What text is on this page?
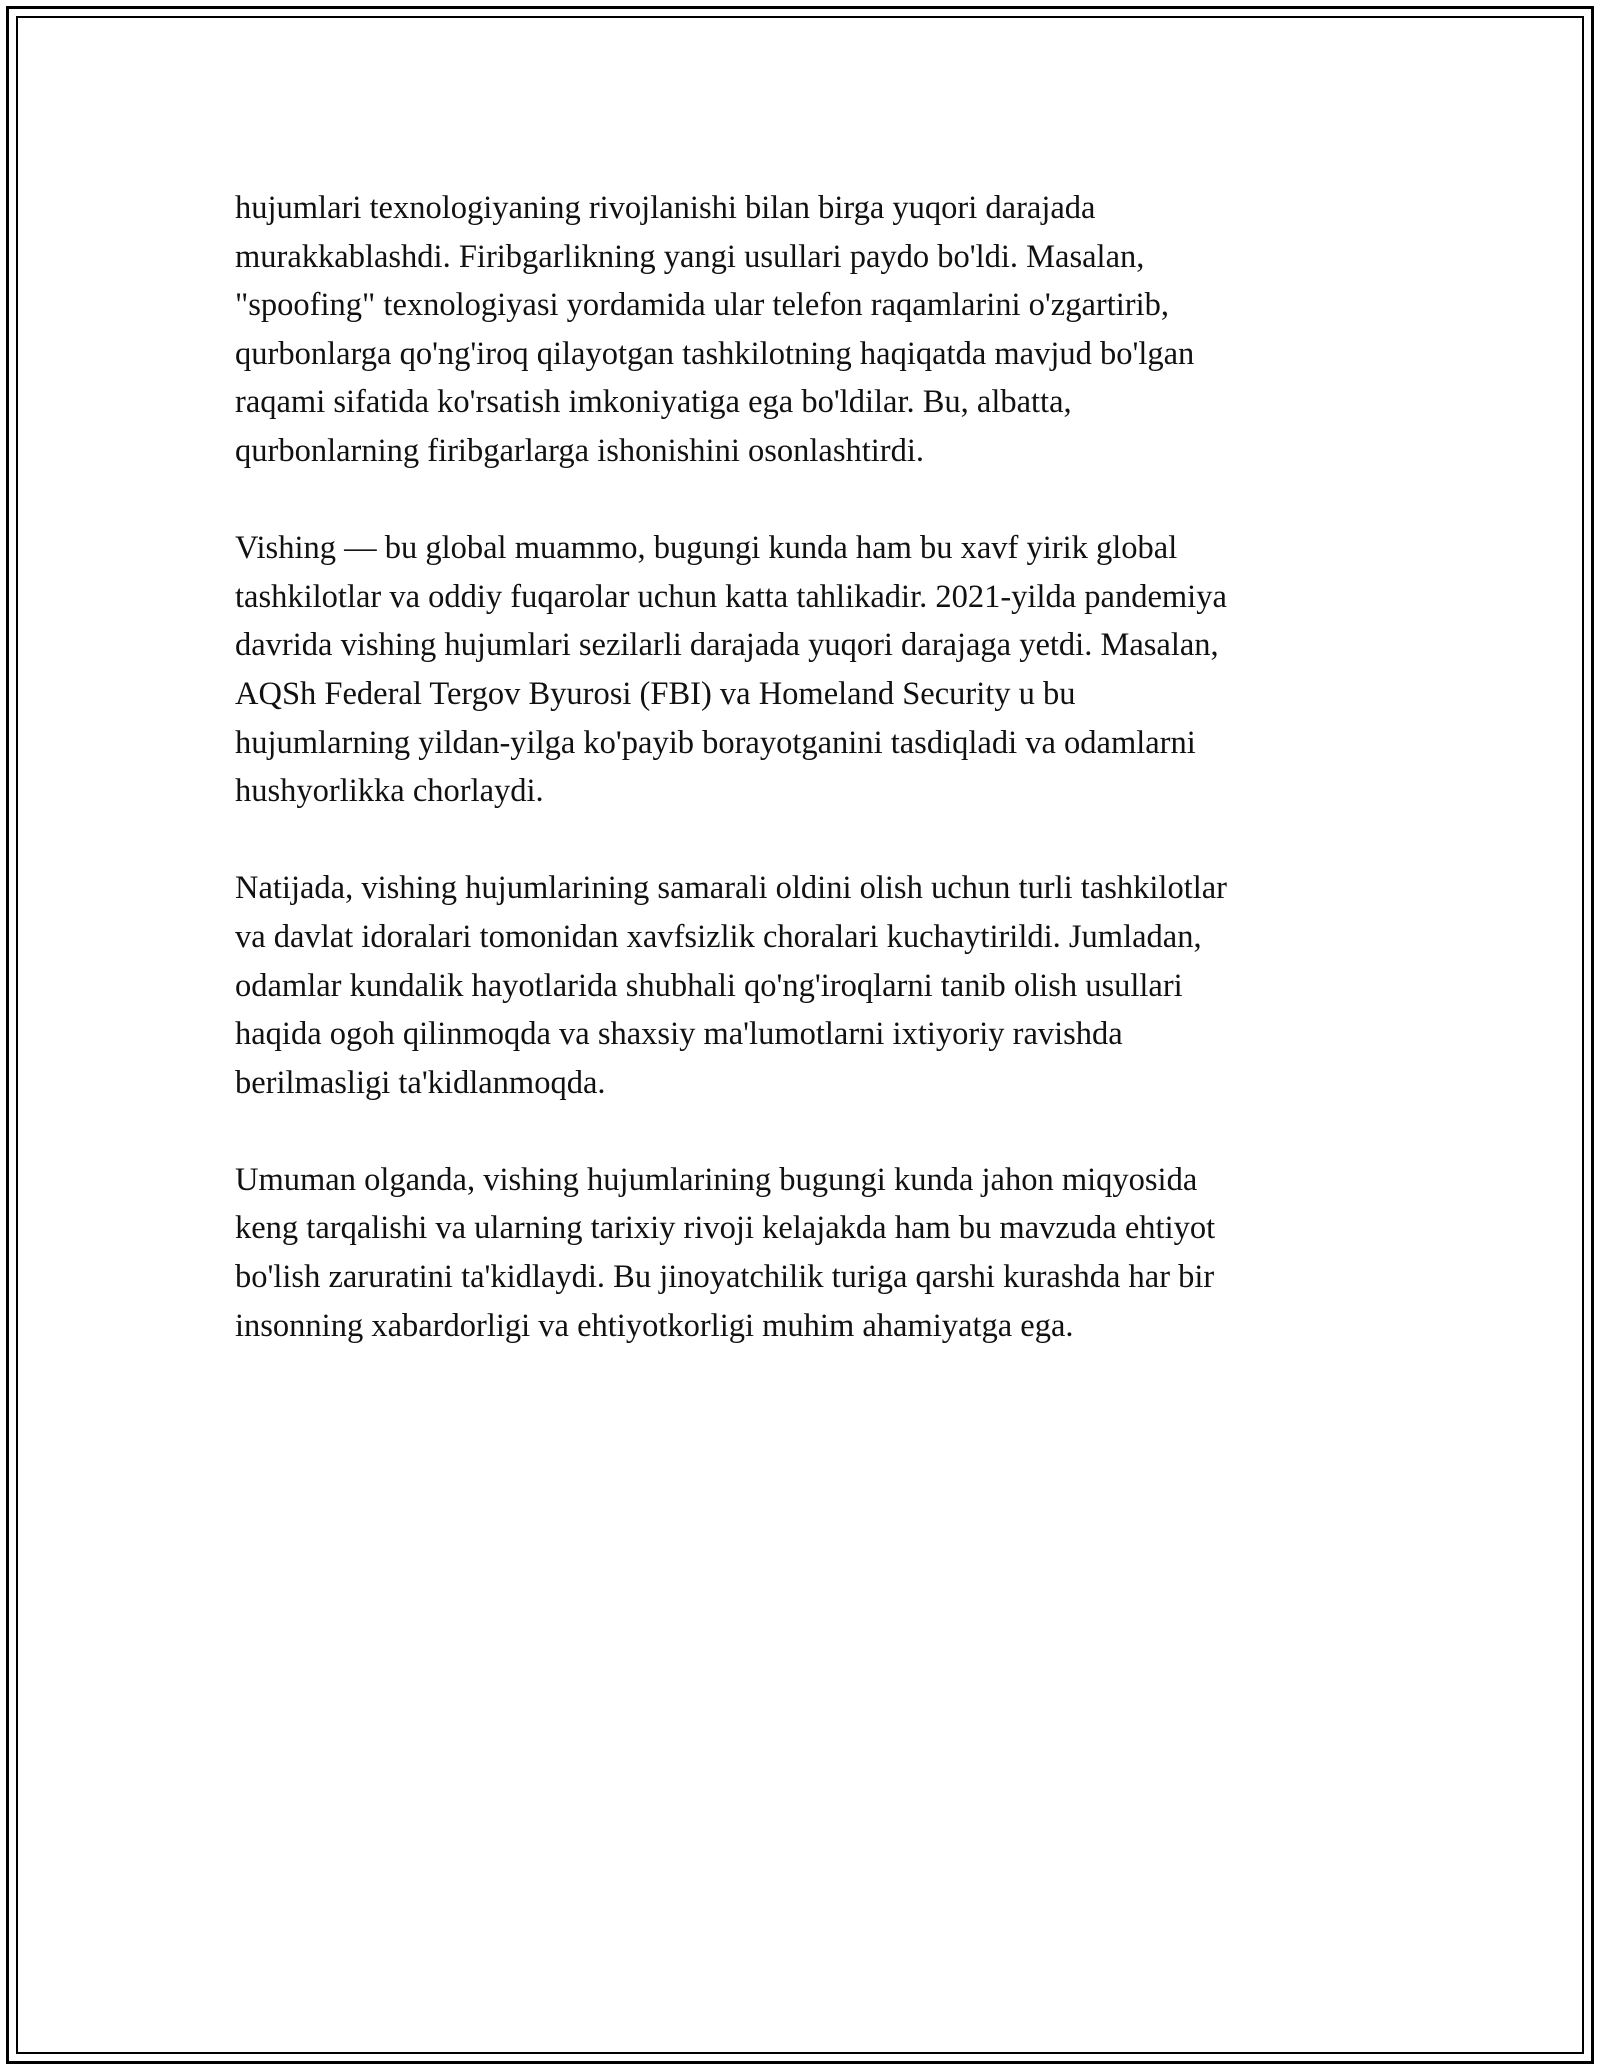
hujumlari texnologiyaning rivojlanishi bilan birga yuqori darajada
murakkablashdi. Firibgarlikning yangi usullari paydo bo'ldi. Masalan,
"spoofing" texnologiyasi yordamida ular telefon raqamlarini o'zgartirib,
qurbonlarga qo'ng'iroq qilayotgan tashkilotning haqiqatda mavjud bo'lgan
raqami sifatida ko'rsatish imkoniyatiga ega bo'ldilar. Bu, albatta,
qurbonlarning firibgarlarga ishonishini osonlashtirdi.

Vishing — bu global muammo, bugungi kunda ham bu xavf yirik global
tashkilotlar va oddiy fuqarolar uchun katta tahlikadir. 2021-yilda pandemiya
davrida vishing hujumlari sezilarli darajada yuqori darajaga yetdi. Masalan,
AQSh Federal Tergov Byurosi (FBI) va Homeland Security u bu
hujumlarning yildan-yilga ko'payib borayotganini tasdiqladi va odamlarni
hushyorlikka chorlaydi.

Natijada, vishing hujumlarining samarali oldini olish uchun turli tashkilotlar
va davlat idoralari tomonidan xavfsizlik choralari kuchaytirildi. Jumladan,
odamlar kundalik hayotlarida shubhali qo'ng'iroqlarni tanib olish usullari
haqida ogoh qilinmoqda va shaxsiy ma'lumotlarni ixtiyoriy ravishda
berilmasligi ta'kidlanmoqda.

Umuman olganda, vishing hujumlarining bugungi kunda jahon miqyosida
keng tarqalishi va ularning tarixiy rivoji kelajakda ham bu mavzuda ehtiyot
bo'lish zaruratini ta'kidlaydi. Bu jinoyatchilik turiga qarshi kurashda har bir
insonning xabardorligi va ehtiyotkorligi muhim ahamiyatga ega.
